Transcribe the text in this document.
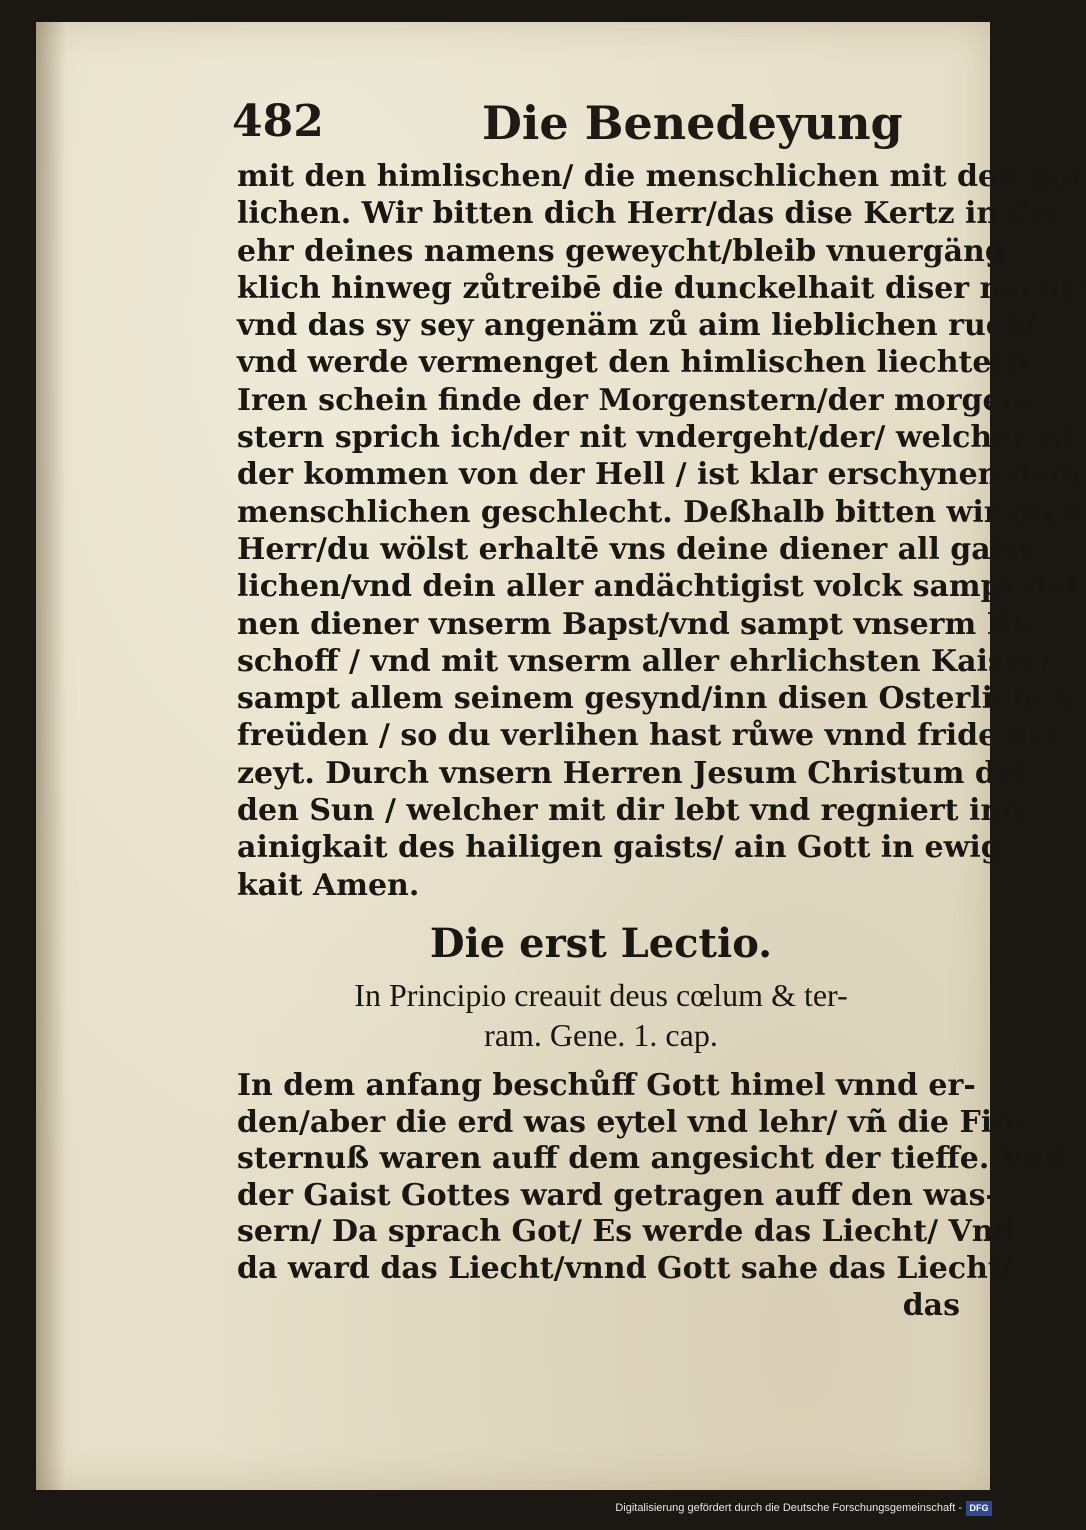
482	Die Benedeyung
mit den himlischen/ die menschlichen mit den göt
lichen. Wir bitten dich Herr/das dise Kertz in der
ehr deines namens geweycht/bleib vnuergäng-
klich hinweg zůtreibē die dunckelhait diser nacht/
vnd das sy sey angenäm zů aim lieblichen ruch/
vnd werde vermenget den himlischen liechtern.
Iren schein finde der Morgenstern/der morgen-
stern sprich ich/der nit vndergeht/der/ welcher wi
der kommen von der Hell / ist klar erschynen dem
menschlichen geschlecht. Deßhalb bitten wir dich
Herr/du wölst erhaltē vns deine diener all gaist-
lichen/vnd dein aller andächtigist volck sampt dei
nen diener vnserm Bapst/vnd sampt vnserm Bi-
schoff / vnd mit vnserm aller ehrlichsten Kaiser/
sampt allem seinem gesynd/inn disen Osterlichen
freüden / so du verlihen hast růwe vnnd fride der
zeyt. Durch vnsern Herren Jesum Christum dei-
den Sun / welcher mit dir lebt vnd regniert inn
ainigkait des hailigen gaists/ ain Gott in ewig-
kait Amen.
Die erst Lectio.
In Principio creauit deus cœlum & ter-
ram. Gene. 1. cap.
In dem anfang beschůff Gott himel vnnd er-
den/aber die erd was eytel vnd lehr/ vñ die Fin-
sternuß waren auff dem angesicht der tieffe. Vnd
der Gaist Gottes ward getragen auff den was-
sern/ Da sprach Got/ Es werde das Liecht/ Vnd
da ward das Liecht/vnnd Gott sahe das Liecht/
das
Digitalisierung gefördert durch die Deutsche Forschungsgemeinschaft - DFG
